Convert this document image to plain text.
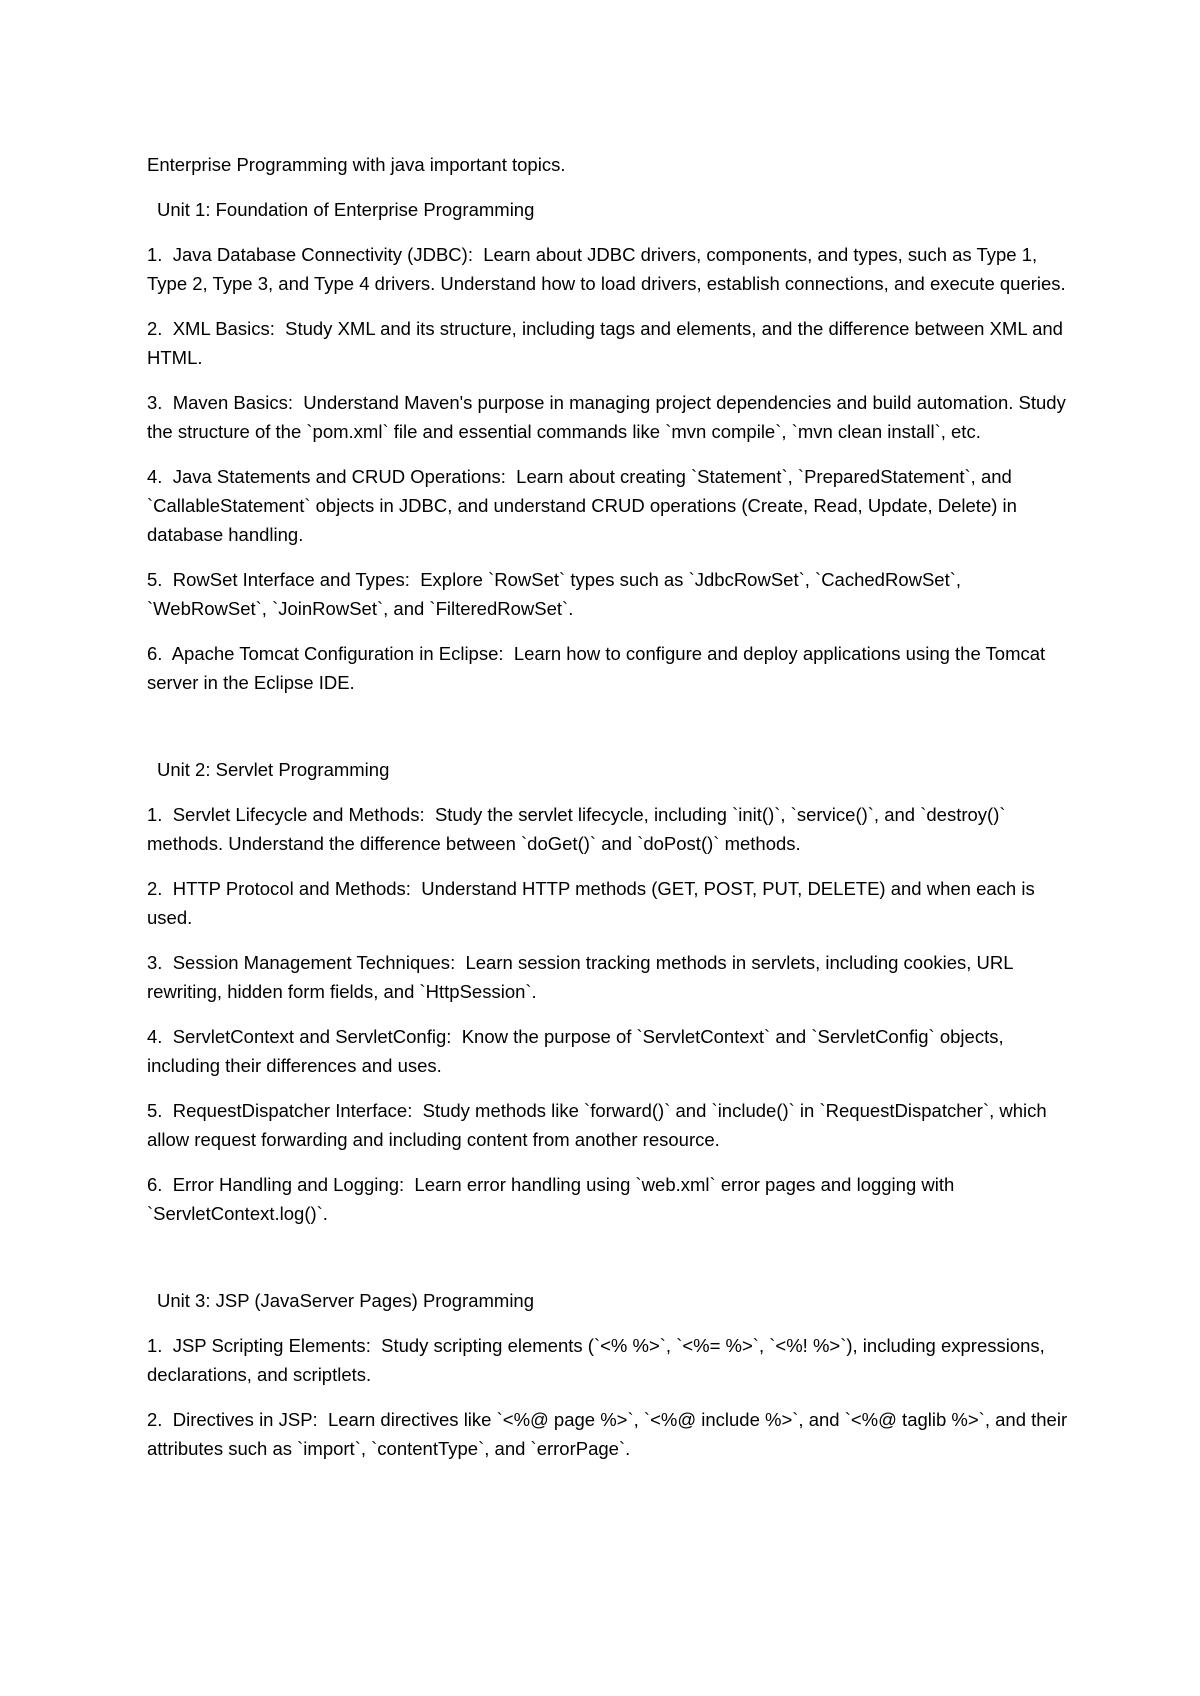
Enterprise Programming with java important topics.

Unit 1: Foundation of Enterprise Programming

1. Java Database Connectivity (JDBC) : Learn about JDBC drivers, components, and types, such as Type 1, Type 2, Type 3, and Type 4 drivers. Understand how to load drivers, establish connections, and execute queries.

2. XML Basics : Study XML and its structure, including tags and elements, and the difference between XML and HTML.

3. Maven Basics : Understand Maven's purpose in managing project dependencies and build automation. Study the structure of the `pom.xml` file and essential commands like `mvn compile`, `mvn clean install`, etc.

4. Java Statements and CRUD Operations : Learn about creating `Statement`, `PreparedStatement`, and `CallableStatement` objects in JDBC, and understand CRUD operations (Create, Read, Update, Delete) in database handling.

5. RowSet Interface and Types : Explore `RowSet` types such as `JdbcRowSet`, `CachedRowSet`, `WebRowSet`, `JoinRowSet`, and `FilteredRowSet`.

6. Apache Tomcat Configuration in Eclipse : Learn how to configure and deploy applications using the Tomcat server in the Eclipse IDE.

Unit 2: Servlet Programming

1. Servlet Lifecycle and Methods : Study the servlet lifecycle, including `init()`, `service()`, and `destroy()` methods. Understand the difference between `doGet()` and `doPost()` methods.

2. HTTP Protocol and Methods : Understand HTTP methods (GET, POST, PUT, DELETE) and when each is used.

3. Session Management Techniques : Learn session tracking methods in servlets, including cookies, URL rewriting, hidden form fields, and `HttpSession`.

4. ServletContext and ServletConfig : Know the purpose of `ServletContext` and `ServletConfig` objects, including their differences and uses.

5. RequestDispatcher Interface : Study methods like `forward()` and `include()` in `RequestDispatcher`, which allow request forwarding and including content from another resource.

6. Error Handling and Logging : Learn error handling using `web.xml` error pages and logging with `ServletContext.log()`.

Unit 3: JSP (JavaServer Pages) Programming

1. JSP Scripting Elements : Study scripting elements (`<% %>`, `<%= %>`, `<%! %>`), including expressions, declarations, and scriptlets.

2. Directives in JSP : Learn directives like `<%@ page %>`, `<%@ include %>`, and `<%@ taglib %>`, and their attributes such as `import`, `contentType`, and `errorPage`.
